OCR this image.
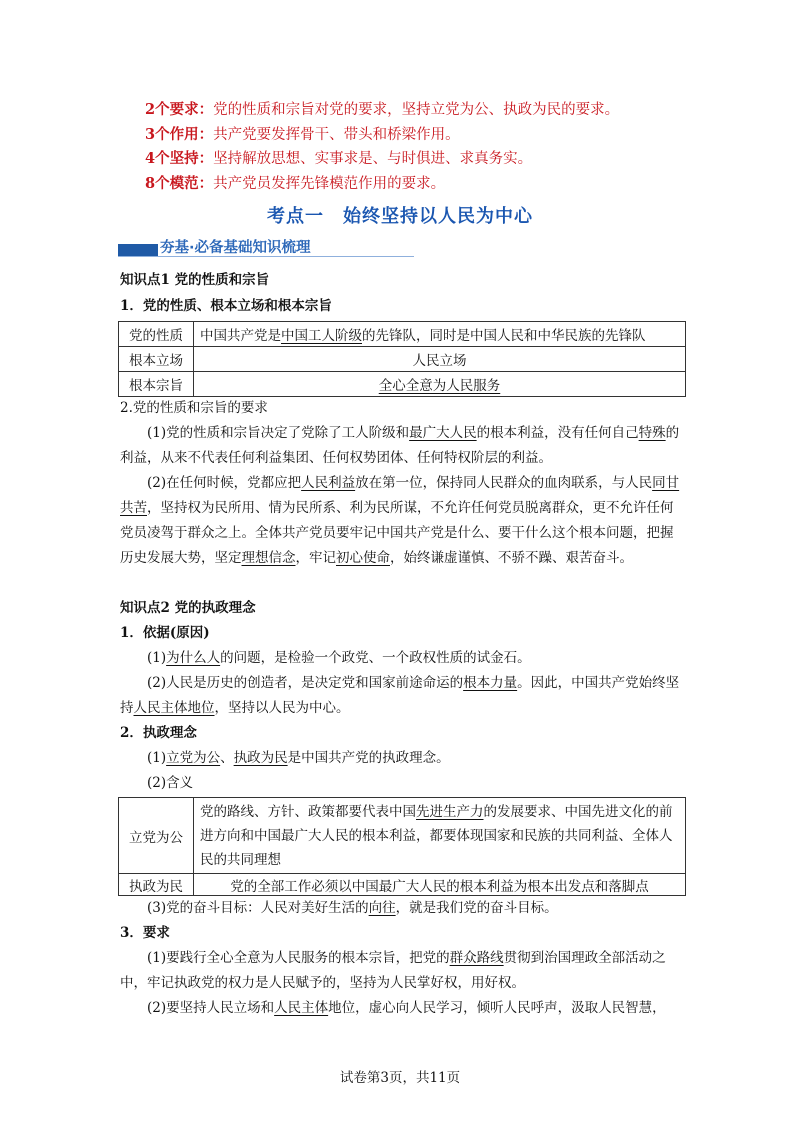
2个要求：党的性质和宗旨对党的要求，坚持立党为公、执政为民的要求。
3个作用：共产党要发挥骨干、带头和桥梁作用。
4个坚持：坚持解放思想、实事求是、与时俱进、求真务实。
8个模范：共产党员发挥先锋模范作用的要求。
考点一　始终坚持以人民为中心
夯基·必备基础知识梳理
知识点1 党的性质和宗旨
1．党的性质、根本立场和根本宗旨
党的性质	中国共产党是中国工人阶级的先锋队，同时是中国人民和中华民族的先锋队
根本立场	人民立场
根本宗旨	全心全意为人民服务
2.党的性质和宗旨的要求
(1)党的性质和宗旨决定了党除了工人阶级和最广大人民的根本利益，没有任何自己特殊的利益，从来不代表任何利益集团、任何权势团体、任何特权阶层的利益。
(2)在任何时候，党都应把人民利益放在第一位，保持同人民群众的血肉联系，与人民同甘共苦，坚持权为民所用、情为民所系、利为民所谋，不允许任何党员脱离群众，更不允许任何党员凌驾于群众之上。全体共产党员要牢记中国共产党是什么、要干什么这个根本问题，把握历史发展大势，坚定理想信念，牢记初心使命，始终谦虚谨慎、不骄不躁、艰苦奋斗。
知识点2 党的执政理念
1．依据(原因)
(1)为什么人的问题，是检验一个政党、一个政权性质的试金石。
(2)人民是历史的创造者，是决定党和国家前途命运的根本力量。因此，中国共产党始终坚持人民主体地位，坚持以人民为中心。
2．执政理念
(1)立党为公、执政为民是中国共产党的执政理念。
(2)含义
立党为公	党的路线、方针、政策都要代表中国先进生产力的发展要求、中国先进文化的前进方向和中国最广大人民的根本利益，都要体现国家和民族的共同利益、全体人民的共同理想
执政为民	党的全部工作必须以中国最广大人民的根本利益为根本出发点和落脚点
(3)党的奋斗目标：人民对美好生活的向往，就是我们党的奋斗目标。
3．要求
(1)要践行全心全意为人民服务的根本宗旨，把党的群众路线贯彻到治国理政全部活动之中，牢记执政党的权力是人民赋予的，坚持为人民掌好权，用好权。
(2)要坚持人民立场和人民主体地位，虚心向人民学习，倾听人民呼声，汲取人民智慧，
试卷第3页，共11页
